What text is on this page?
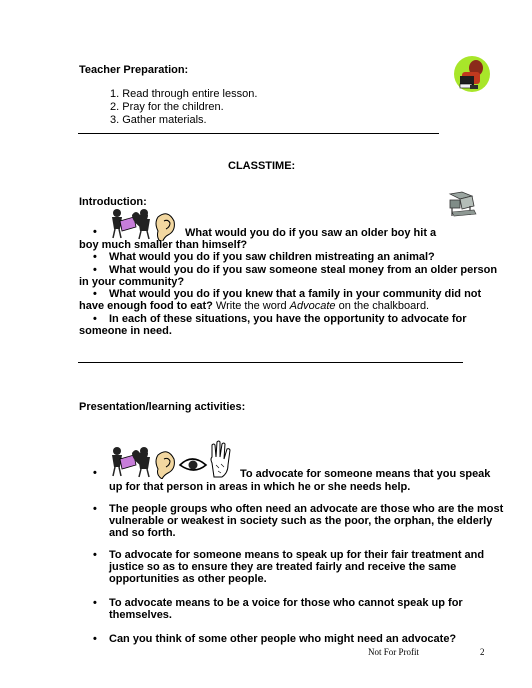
Teacher Preparation:
1. Read through entire lesson.
2. Pray for the children.
3. Gather materials.
CLASSTIME:
Introduction:
•	What would you do if you saw an older boy hit a
boy much smaller than himself?
• What would you do if you saw children mistreating an animal?
• What would you do if you saw someone steal money from an older person
in your community?
• What would you do if you knew that a family in your community did not
have enough food to eat? Write the word Advocate on the chalkboard.
• In each of these situations, you have the opportunity to advocate for
someone in need.
Presentation/learning activities:
•	To advocate for someone means that you speak
up for that person in areas in which he or she needs help.
• The people groups who often need an advocate are those who are the most
vulnerable or weakest in society such as the poor, the orphan, the elderly
and so forth.
• To advocate for someone means to speak up for their fair treatment and
justice so as to ensure they are treated fairly and receive the same
opportunities as other people.
• To advocate means to be a voice for those who cannot speak up for
themselves.
• Can you think of some other people who might need an advocate?
Not For Profit	2
